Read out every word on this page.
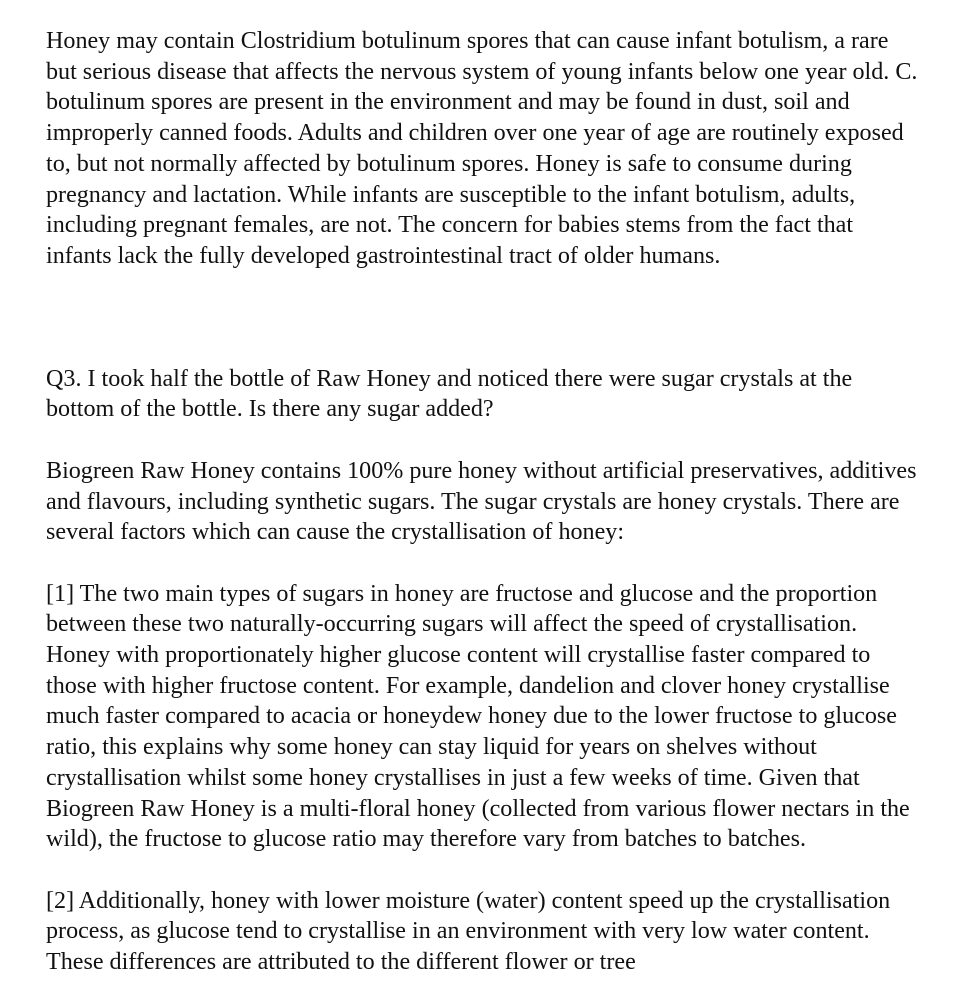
Honey may contain Clostridium botulinum spores that can cause infant botulism, a rare but serious disease that affects the nervous system of young infants below one year old. C. botulinum spores are present in the environment and may be found in dust, soil and improperly canned foods. Adults and children over one year of age are routinely exposed to, but not normally affected by botulinum spores. Honey is safe to consume during pregnancy and lactation. While infants are susceptible to the infant botulism, adults, including pregnant females, are not. The concern for babies stems from the fact that infants lack the fully developed gastrointestinal tract of older humans.

Q3. I took half the bottle of Raw Honey and noticed there were sugar crystals at the bottom of the bottle. Is there any sugar added?

Biogreen Raw Honey contains 100% pure honey without artificial preservatives, additives and flavours, including synthetic sugars. The sugar crystals are honey crystals. There are several factors which can cause the crystallisation of honey:

[1] The two main types of sugars in honey are fructose and glucose and the proportion between these two naturally-occurring sugars will affect the speed of crystallisation. Honey with proportionately higher glucose content will crystallise faster compared to those with higher fructose content. For example, dandelion and clover honey crystallise much faster compared to acacia or honeydew honey due to the lower fructose to glucose ratio, this explains why some honey can stay liquid for years on shelves without crystallisation whilst some honey crystallises in just a few weeks of time. Given that Biogreen Raw Honey is a multi-floral honey (collected from various flower nectars in the wild), the fructose to glucose ratio may therefore vary from batches to batches.

[2] Additionally, honey with lower moisture (water) content speed up the crystallisation process, as glucose tend to crystallise in an environment with very low water content. These differences are attributed to the different flower or tree
